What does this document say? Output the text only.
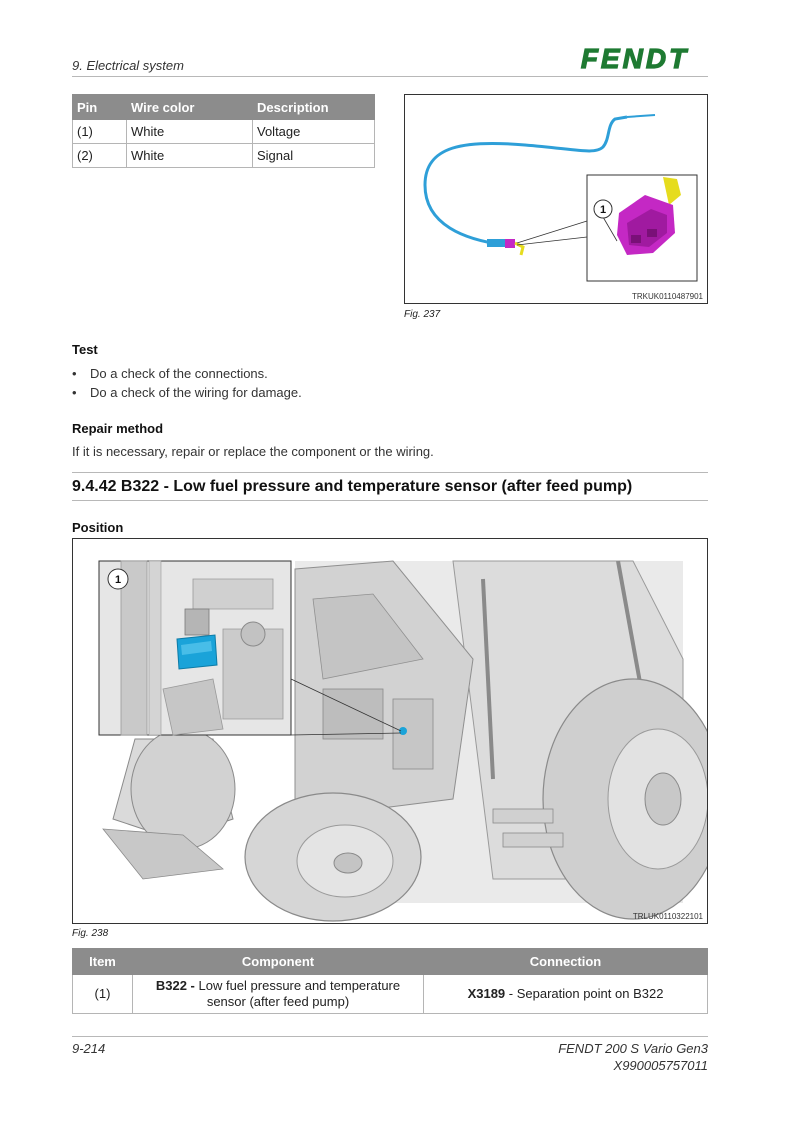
9. Electrical system	FENDT
Pin	Wire color	Description
(1)	White	Voltage
(2)	White	Signal
1
TRKUK0110487901
Fig. 237
Test
• Do a check of the connections.
• Do a check of the wiring for damage.
Repair method
If it is necessary, repair or replace the component or the wiring.
9.4.42 B322 - Low fuel pressure and temperature sensor (after feed pump)
Position
1
TRLUK0110322101
Fig. 238
Item	Component	Connection
(1)	B322 - Low fuel pressure and temperature sensor (after feed pump)	X3189 - Separation point on B322
9-214	FENDT 200 S Vario Gen3
X990005757011
